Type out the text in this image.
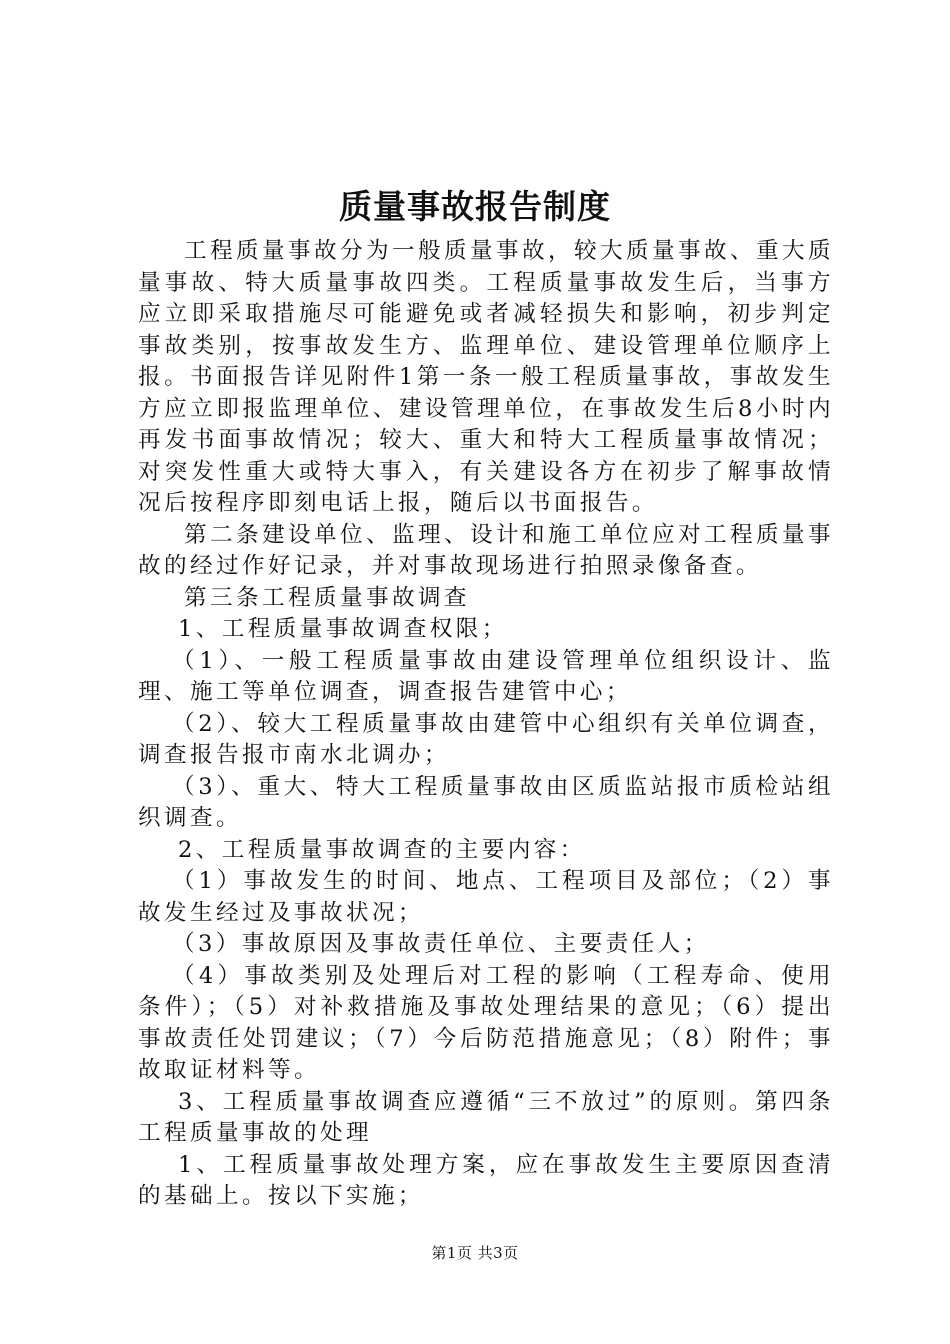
质量事故报告制度

工程质量事故分为一般质量事故，较大质量事故、重大质量事故、特大质量事故四类。工程质量事故发生后，当事方应立即采取措施尽可能避免或者减轻损失和影响，初步判定事故类别，按事故发生方、监理单位、建设管理单位顺序上报。书面报告详见附件1第一条一般工程质量事故，事故发生方应立即报监理单位、建设管理单位，在事故发生后8小时内再发书面事故情况；较大、重大和特大工程质量事故情况；对突发性重大或特大事入，有关建设各方在初步了解事故情况后按程序即刻电话上报，随后以书面报告。

第二条建设单位、监理、设计和施工单位应对工程质量事故的经过作好记录，并对事故现场进行拍照录像备查。

第三条工程质量事故调查

1、工程质量事故调查权限；

（1）、一般工程质量事故由建设管理单位组织设计、监理、施工等单位调查，调查报告建管中心；

（2）、较大工程质量事故由建管中心组织有关单位调查，调查报告报市南水北调办；

（3）、重大、特大工程质量事故由区质监站报市质检站组织调查。

2、工程质量事故调查的主要内容：

（1）事故发生的时间、地点、工程项目及部位；（2）事故发生经过及事故状况；

（3）事故原因及事故责任单位、主要责任人；

（4）事故类别及处理后对工程的影响（工程寿命、使用条件）；（5）对补救措施及事故处理结果的意见；（6）提出事故责任处罚建议；（7）今后防范措施意见；（8）附件；事故取证材料等。

3、工程质量事故调查应遵循“三不放过”的原则。第四条工程质量事故的处理

1、工程质量事故处理方案，应在事故发生主要原因查清的基础上。按以下实施；

第1页 共3页
